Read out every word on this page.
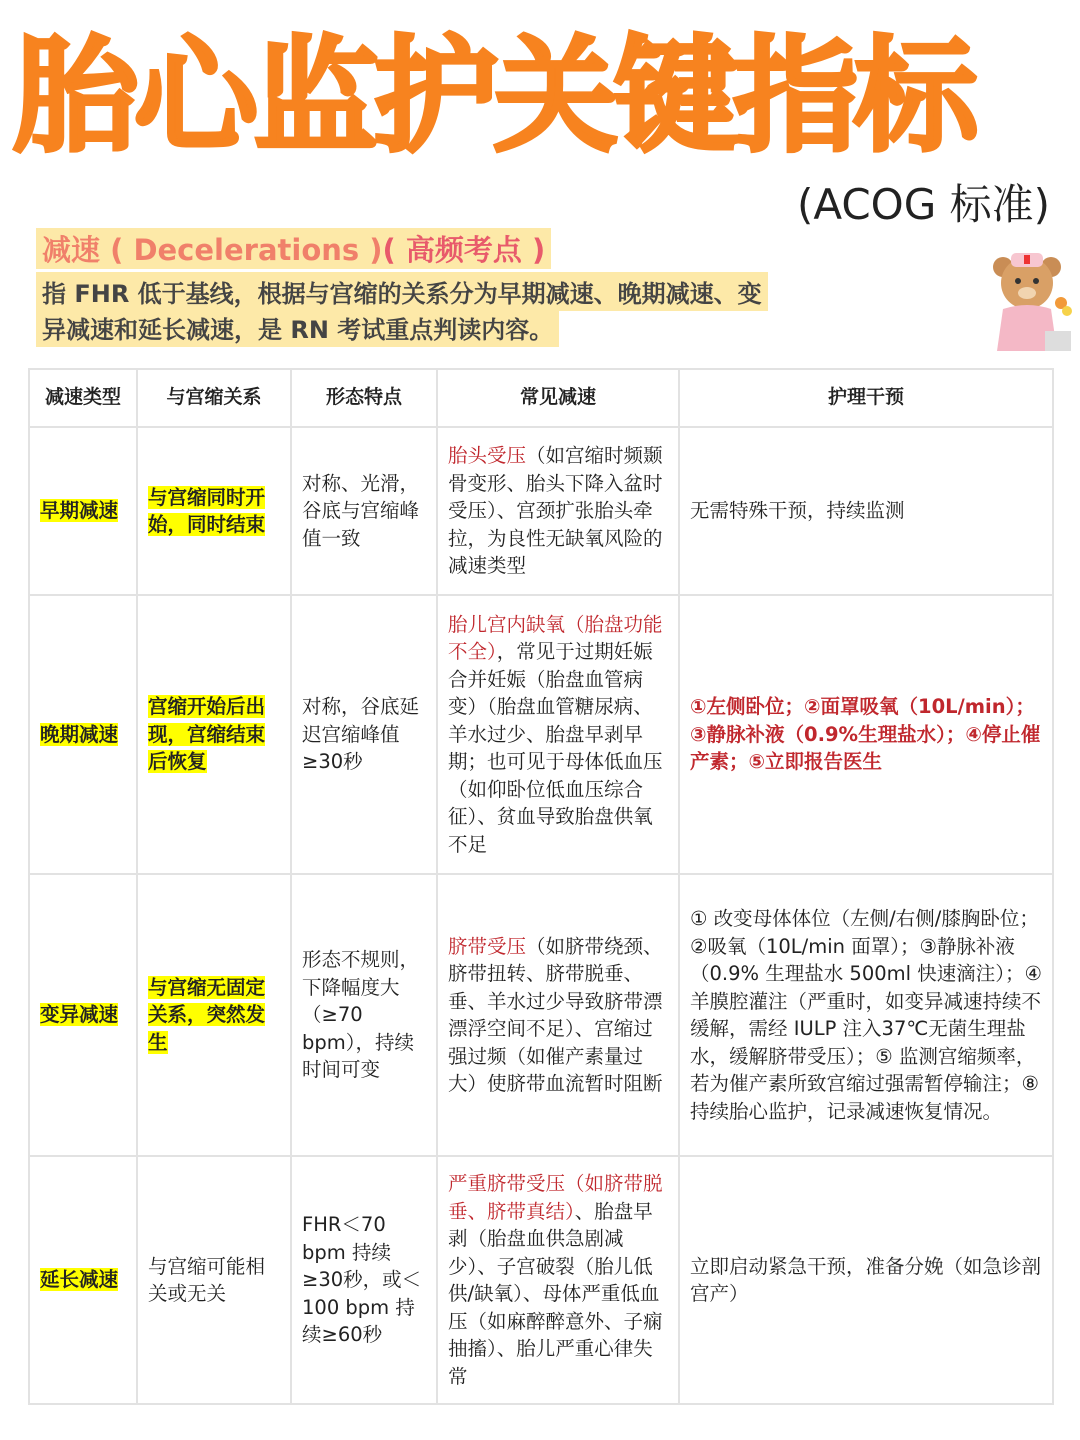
胎心监护关键指标
(ACOG 标准)
减速 ( Decelerations )( 高频考点 )
指 FHR 低于基线，根据与宫缩的关系分为早期减速、晚期减速、变
异减速和延长减速，是 RN 考试重点判读内容。
减速类型	与宫缩关系	形态特点	常见减速	护理干预
早期减速	与宫缩同时开始，同时结束	对称、光滑，谷底与宫缩峰值一致	胎头受压（如宫缩时频颞骨变形、胎头下降入盆时受压）、宫颈扩张胎头牵拉，为良性无缺氧风险的减速类型	无需特殊干预，持续监测
晚期减速	宫缩开始后出现，宫缩结束后恢复	对称，谷底延迟宫缩峰值≥30秒	胎儿宫内缺氧（胎盘功能不全），常见于过期妊娠合并妊娠（胎盘血管病变）（胎盘血管糖尿病、羊水过少、胎盘早剥早期；也可见于母体低血压（如仰卧位低血压综合征）、贫血导致胎盘供氧不足	①左侧卧位；②面罩吸氧（10L/min）；③静脉补液（0.9%生理盐水）；④停止催产素；⑤立即报告医生
变异减速	与宫缩无固定关系，突然发生	形态不规则，下降幅度大（≥70 bpm），持续时间可变	脐带受压（如脐带绕颈、脐带扭转、脐带脱垂、垂、羊水过少导致脐带漂漂浮空间不足）、宫缩过强过频（如催产素量过大）使脐带血流暂时阻断	① 改变母体体位（左侧/右侧/膝胸卧位；②吸氧（10L/min 面罩）；③静脉补液（0.9% 生理盐水 500ml 快速滴注）；④ 羊膜腔灌注（严重时，如变异减速持续不缓解，需经 IULP 注入37℃无菌生理盐水，缓解脐带受压）；⑤ 监测宫缩频率，若为催产素所致宫缩过强需暂停输注；⑧ 持续胎心监护，记录减速恢复情况。
延长减速	与宫缩可能相关或无关	FHR＜70 bpm 持续≥30秒，或＜100 bpm 持续≥60秒	严重脐带受压（如脐带脱垂、脐带真结）、胎盘早剥（胎盘血供急剧减少）、子宫破裂（胎儿低供/缺氧）、母体严重低血压（如麻醉醉意外、子痫抽搐）、胎儿严重心律失常	立即启动紧急干预，准备分娩（如急诊剖宫产）
